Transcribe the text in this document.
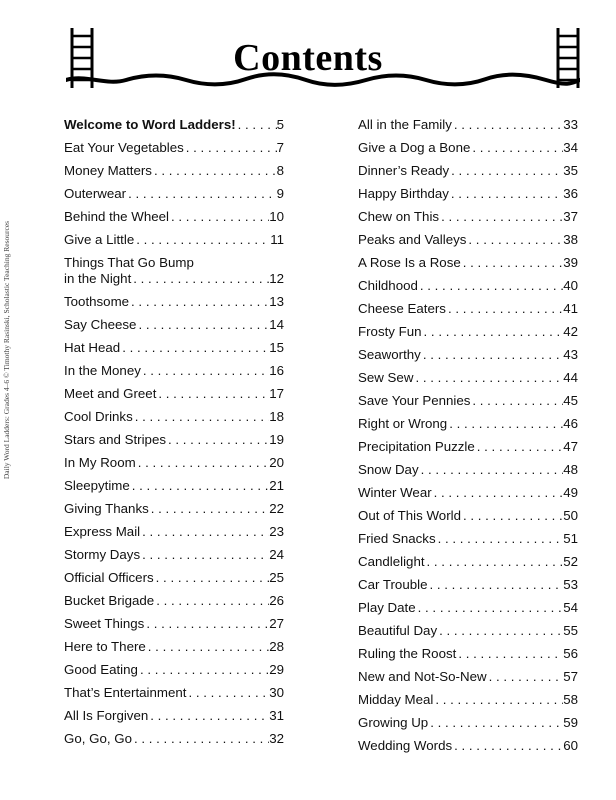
Contents
Welcome to Word Ladders! . . .	5
Eat Your Vegetables . . .	7
Money Matters . . .	8
Outerwear . . .	9
Behind the Wheel . . .	10
Give a Little . . .	11
Things That Go Bump
in the Night . . .	12
Toothsome . . .	13
Say Cheese . . .	14
Hat Head . . .	15
In the Money . . .	16
Meet and Greet . . .	17
Cool Drinks . . .	18
Stars and Stripes . . .	19
In My Room . . .	20
Sleepytime . . .	21
Giving Thanks . . .	22
Express Mail . . .	23
Stormy Days . . .	24
Official Officers . . .	25
Bucket Brigade . . .	26
Sweet Things . . .	27
Here to There . . .	28
Good Eating . . .	29
That’s Entertainment . . .	30
All Is Forgiven . . .	31
Go, Go, Go . . .	32
All in the Family . . .	33
Give a Dog a Bone . . .	34
Dinner’s Ready . . .	35
Happy Birthday . . .	36
Chew on This . . .	37
Peaks and Valleys . . .	38
A Rose Is a Rose . . .	39
Childhood . . .	40
Cheese Eaters . . .	41
Frosty Fun . . .	42
Seaworthy . . .	43
Sew Sew . . .	44
Save Your Pennies . . .	45
Right or Wrong . . .	46
Precipitation Puzzle . . .	47
Snow Day . . .	48
Winter Wear . . .	49
Out of This World . . .	50
Fried Snacks . . .	51
Candlelight . . .	52
Car Trouble . . .	53
Play Date . . .	54
Beautiful Day . . .	55
Ruling the Roost . . .	56
New and Not-So-New . . .	57
Midday Meal . . .	58
Growing Up . . .	59
Wedding Words . . .	60
Daily Word Ladders: Grades 4–6 © Timothy Rasinski, Scholastic Teaching Resources
